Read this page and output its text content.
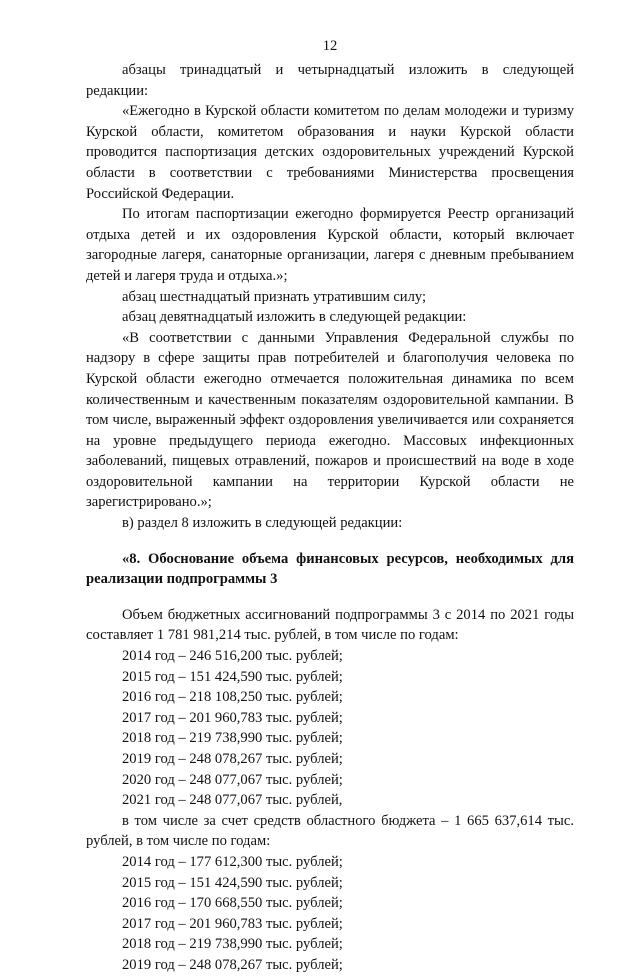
12

абзацы тринадцатый и четырнадцатый изложить в следующей редакции:

«Ежегодно в Курской области комитетом по делам молодежи и туризму Курской области, комитетом образования и науки Курской области проводится паспортизация детских оздоровительных учреждений Курской области в соответствии с требованиями Министерства просвещения Российской Федерации.

По итогам паспортизации ежегодно формируется Реестр организаций отдыха детей и их оздоровления Курской области, который включает загородные лагеря, санаторные организации, лагеря с дневным пребыванием детей и лагеря труда и отдыха.»;

абзац шестнадцатый признать утратившим силу;

абзац девятнадцатый изложить в следующей редакции:

«В соответствии с данными Управления Федеральной службы по надзору в сфере защиты прав потребителей и благополучия человека по Курской области ежегодно отмечается положительная динамика по всем количественным и качественным показателям оздоровительной кампании. В том числе, выраженный эффект оздоровления увеличивается или сохраняется на уровне предыдущего периода ежегодно. Массовых инфекционных заболеваний, пищевых отравлений, пожаров и происшествий на воде в ходе оздоровительной кампании на территории Курской области не зарегистрировано.»;

в) раздел 8 изложить в следующей редакции:

«8. Обоснование объема финансовых ресурсов, необходимых для реализации подпрограммы 3

Объем бюджетных ассигнований подпрограммы 3 с 2014 по 2021 годы составляет 1 781 981,214 тыс. рублей, в том числе по годам:

2014 год – 246 516,200 тыс. рублей;

2015 год – 151 424,590 тыс. рублей;

2016 год – 218 108,250 тыс. рублей;

2017 год – 201 960,783 тыс. рублей;

2018 год – 219 738,990 тыс. рублей;

2019 год – 248 078,267 тыс. рублей;

2020 год – 248 077,067 тыс. рублей;

2021 год – 248 077,067 тыс. рублей,

в том числе за счет средств областного бюджета – 1 665 637,614 тыс. рублей, в том числе по годам:

2014 год – 177 612,300 тыс. рублей;

2015 год – 151 424,590 тыс. рублей;

2016 год – 170 668,550 тыс. рублей;

2017 год – 201 960,783 тыс. рублей;

2018 год – 219 738,990 тыс. рублей;

2019 год – 248 078,267 тыс. рублей;
